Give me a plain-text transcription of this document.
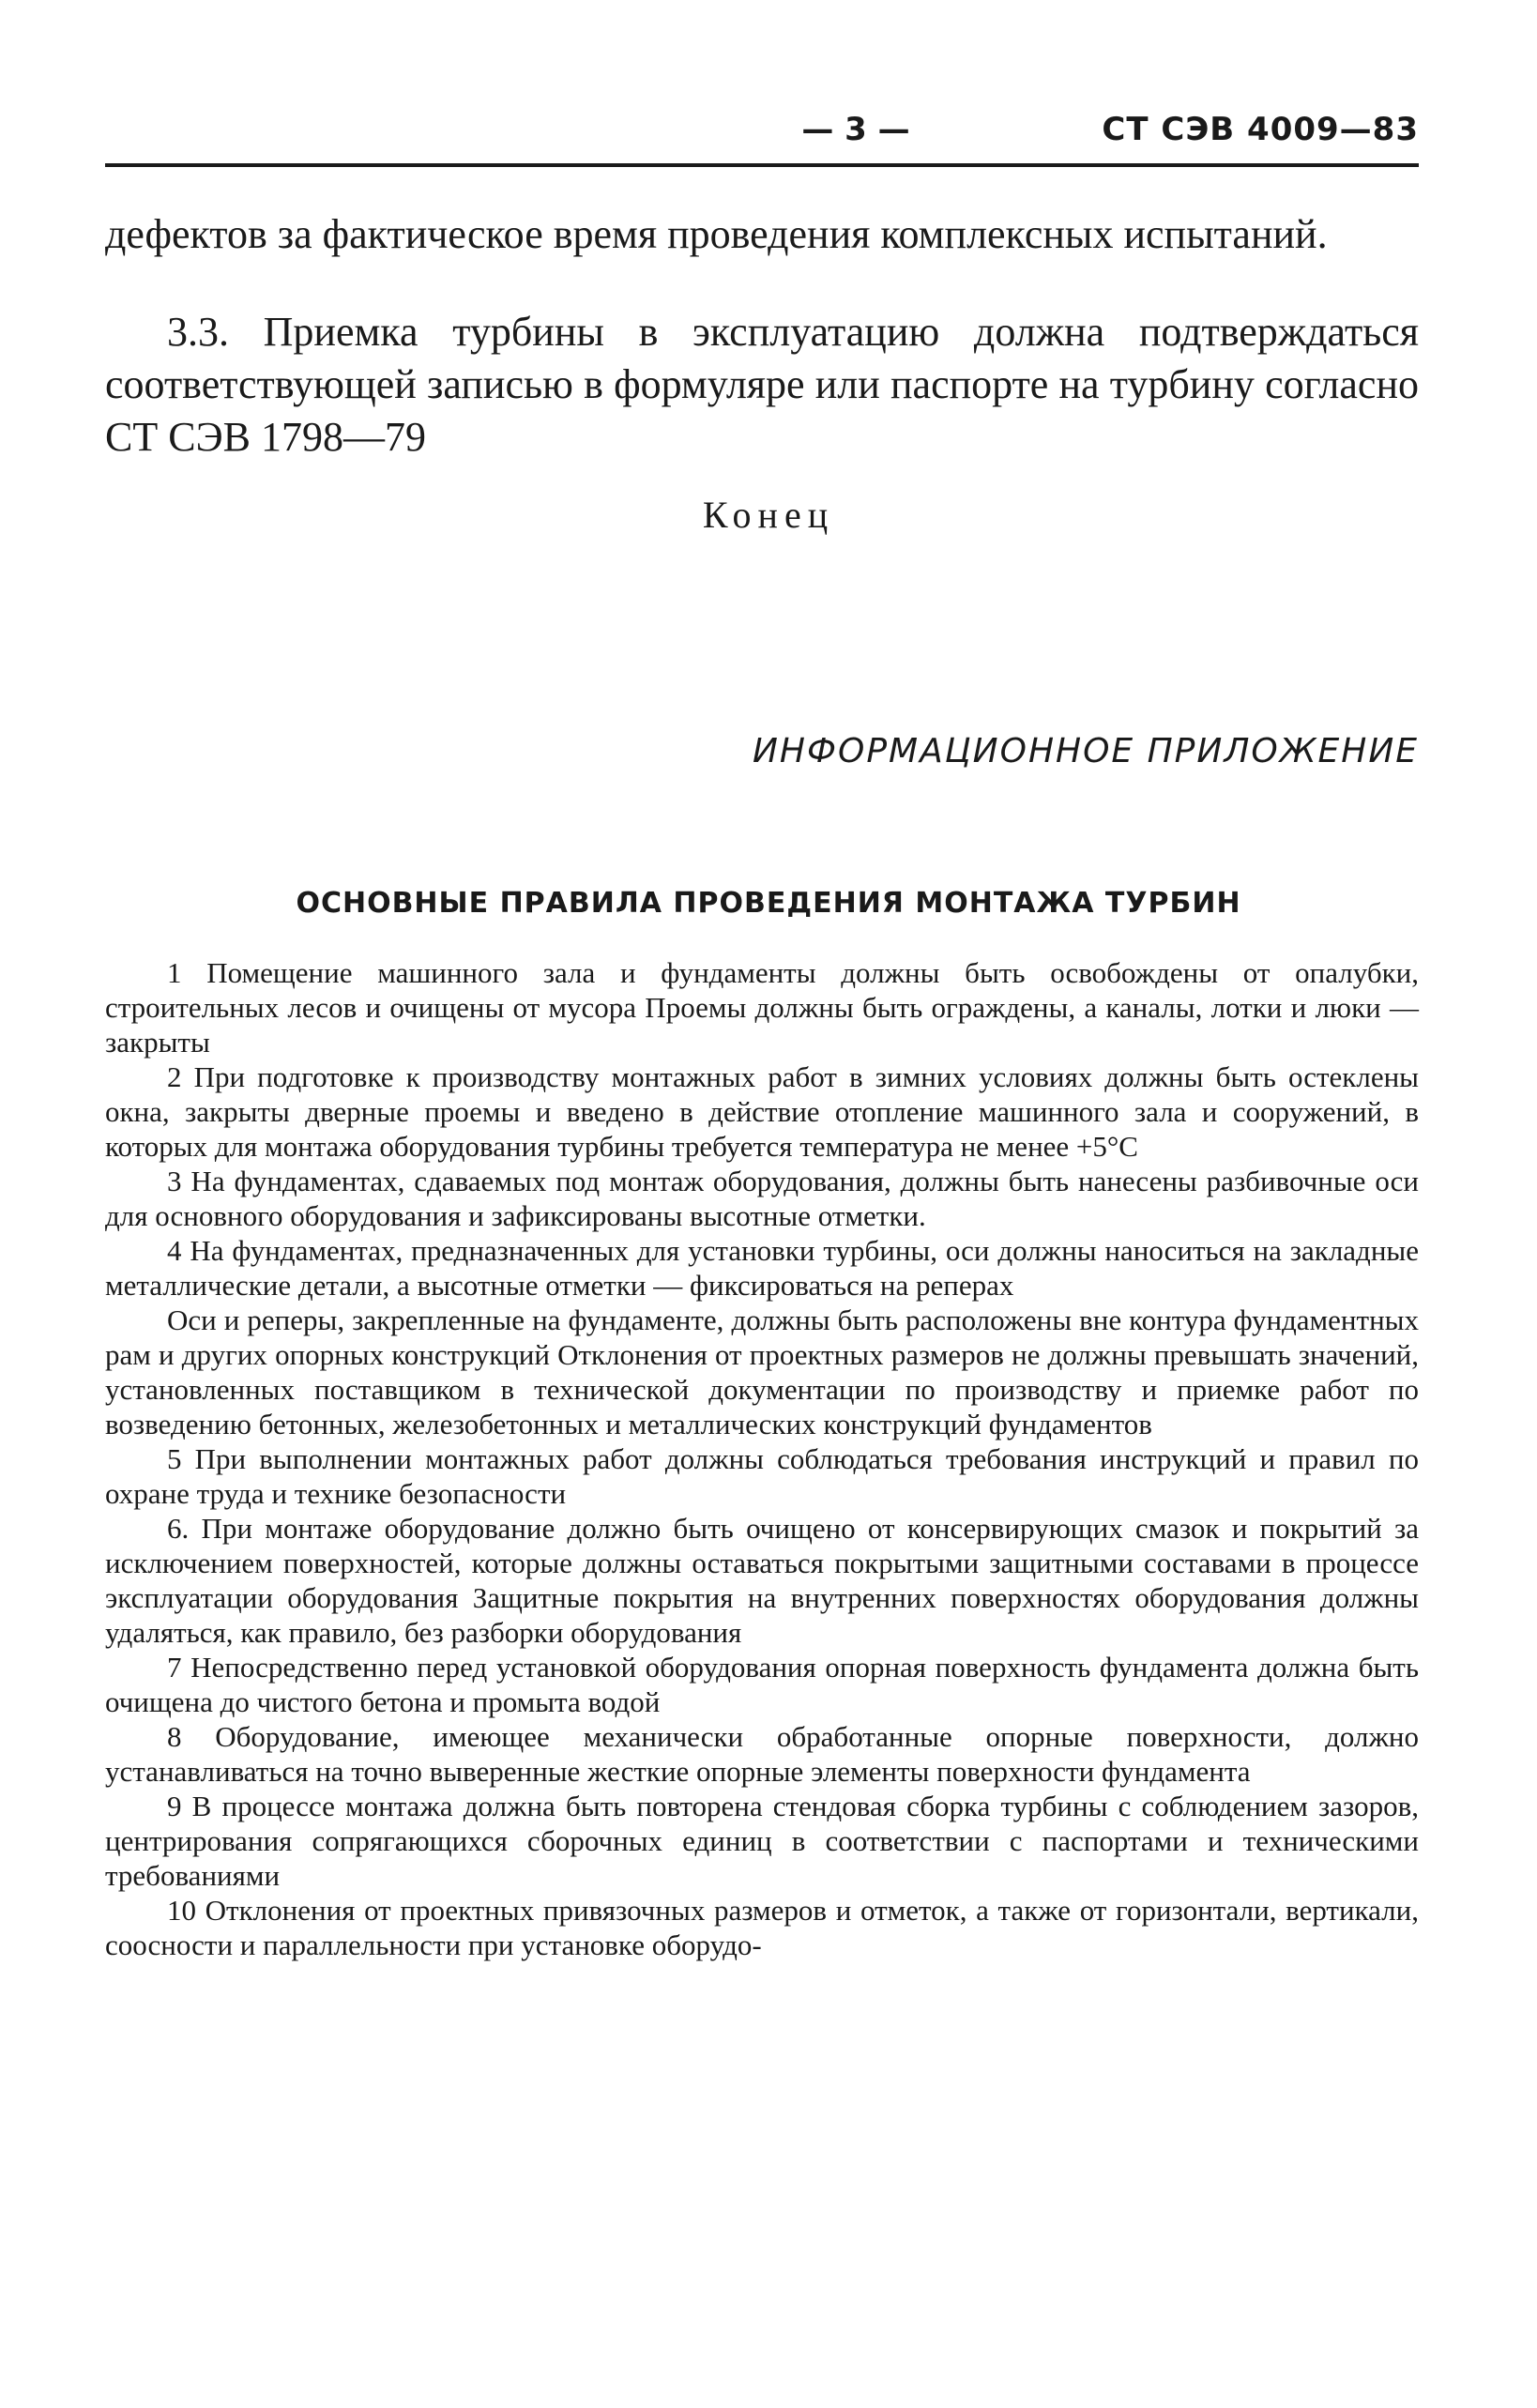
— 3 —	СТ СЭВ 4009—83
дефектов за фактическое время проведения комплексных испытаний.
3.3. Приемка турбины в эксплуатацию должна подтверждаться соответствующей записью в формуляре или паспорте на турбину согласно СТ СЭВ 1798—79
Конец
ИНФОРМАЦИОННОЕ ПРИЛОЖЕНИЕ
ОСНОВНЫЕ ПРАВИЛА ПРОВЕДЕНИЯ МОНТАЖА ТУРБИН

1 Помещение машинного зала и фундаменты должны быть освобождены от опалубки, строительных лесов и очищены от мусора Проемы должны быть ограждены, а каналы, лотки и люки — закрыты

2 При подготовке к производству монтажных работ в зимних условиях должны быть остеклены окна, закрыты дверные проемы и введено в действие отопление машинного зала и сооружений, в которых для монтажа оборудования турбины требуется температура не менее +5°С

3 На фундаментах, сдаваемых под монтаж оборудования, должны быть нанесены разбивочные оси для основного оборудования и зафиксированы высотные отметки.

4 На фундаментах, предназначенных для установки турбины, оси должны наноситься на закладные металлические детали, а высотные отметки — фиксироваться на реперах

Оси и реперы, закрепленные на фундаменте, должны быть расположены вне контура фундаментных рам и других опорных конструкций Отклонения от проектных размеров не должны превышать значений, установленных поставщиком в технической документации по производству и приемке работ по возведению бетонных, железобетонных и металлических конструкций фундаментов

5 При выполнении монтажных работ должны соблюдаться требования инструкций и правил по охране труда и технике безопасности

6. При монтаже оборудование должно быть очищено от консервирующих смазок и покрытий за исключением поверхностей, которые должны оставаться покрытыми защитными составами в процессе эксплуатации оборудования Защитные покрытия на внутренних поверхностях оборудования должны удаляться, как правило, без разборки оборудования

7 Непосредственно перед установкой оборудования опорная поверхность фундамента должна быть очищена до чистого бетона и промыта водой

8 Оборудование, имеющее механически обработанные опорные поверхности, должно устанавливаться на точно выверенные жесткие опорные элементы поверхности фундамента

9 В процессе монтажа должна быть повторена стендовая сборка турбины с соблюдением зазоров, центрирования сопрягающихся сборочных единиц в соответствии с паспортами и техническими требованиями

10 Отклонения от проектных привязочных размеров и отметок, а также от горизонтали, вертикали, соосности и параллельности при установке оборудо-
